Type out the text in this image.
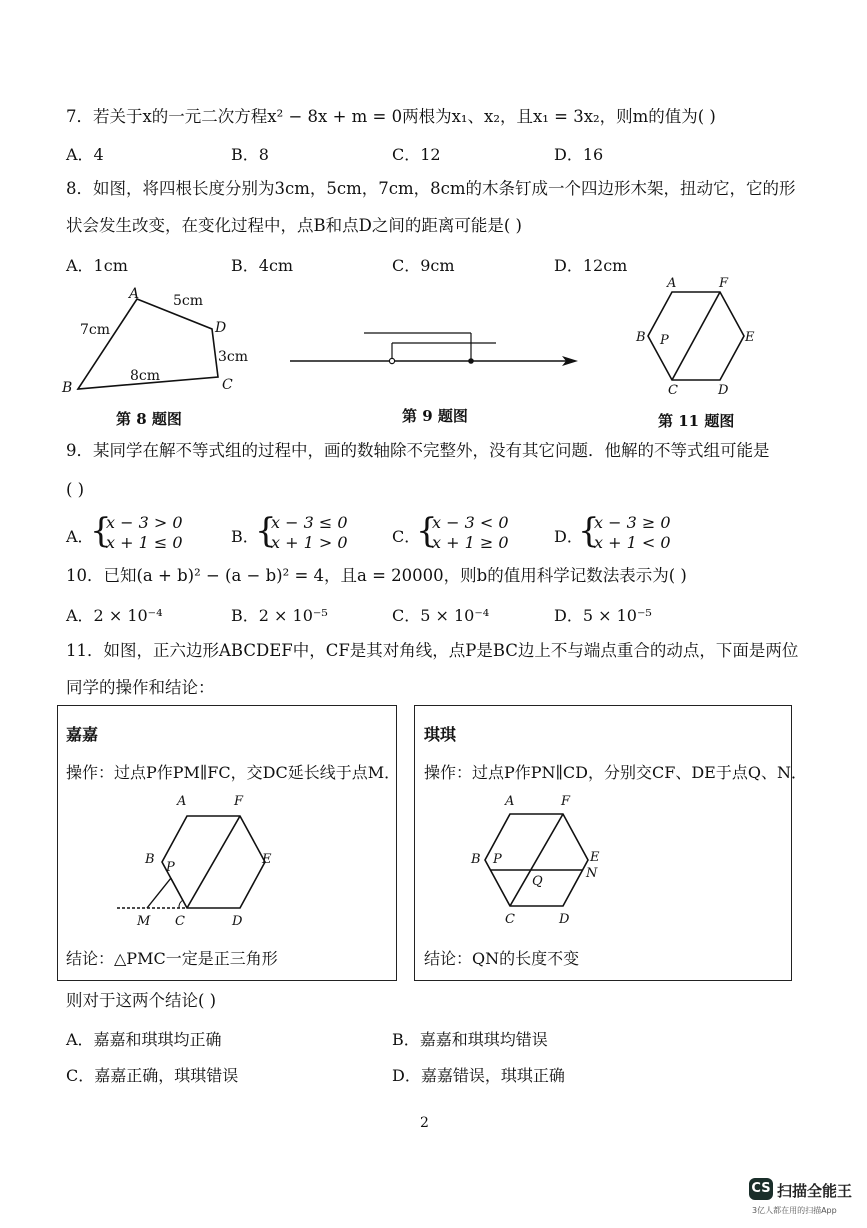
7．若关于x的一元二次方程x² − 8x + m = 0两根为x₁、x₂，且x₁ = 3x₂，则m的值为( )
A．4	B．8	C．12	D．16
8．如图，将四根长度分别为3cm，5cm，7cm，8cm的木条钉成一个四边形木架，扭动它，它的形
状会发生改变，在变化过程中，点B和点D之间的距离可能是( )
A．1cm	B．4cm	C．9cm	D．12cm
A
B	C
D
7cm
5cm
3cm
8cm
第 8 题图	第 9 题图
A	F
B P	E
C	D
第 11 题图
9．某同学在解不等式组的过程中，画的数轴除不完整外，没有其它问题．他解的不等式组可能是
( )
A．
{
x − 3 > 0
x + 1 ≤ 0	B．
{
x − 3 ≤ 0
x + 1 > 0	C．
{
x − 3 < 0
x + 1 ≥ 0	D．
{
x − 3 ≥ 0
x + 1 < 0
10．已知(a + b)² − (a − b)² = 4，且a = 20000，则b的值用科学记数法表示为( )
A．2 × 10⁻⁴	B．2 × 10⁻⁵	C．5 × 10⁻⁴	D．5 × 10⁻⁵
11．如图，正六边形ABCDEF中，CF是其对角线，点P是BC边上不与端点重合的动点，下面是两位
同学的操作和结论：
嘉嘉
操作：过点P作PM∥FC，交DC延长线于点M．
A	F
B
P
E
C	D
M
结论：△PMC一定是正三角形
琪琪
操作：过点P作PN∥CD，分别交CF、DE于点Q、N．
A	F
B P	E
N
Q
C	D
结论：QN的长度不变
则对于这两个结论( )
A．嘉嘉和琪琪均正确	B．嘉嘉和琪琪均错误
C．嘉嘉正确，琪琪错误	D．嘉嘉错误，琪琪正确
2
CS 扫描全能王
3亿人都在用的扫描App
